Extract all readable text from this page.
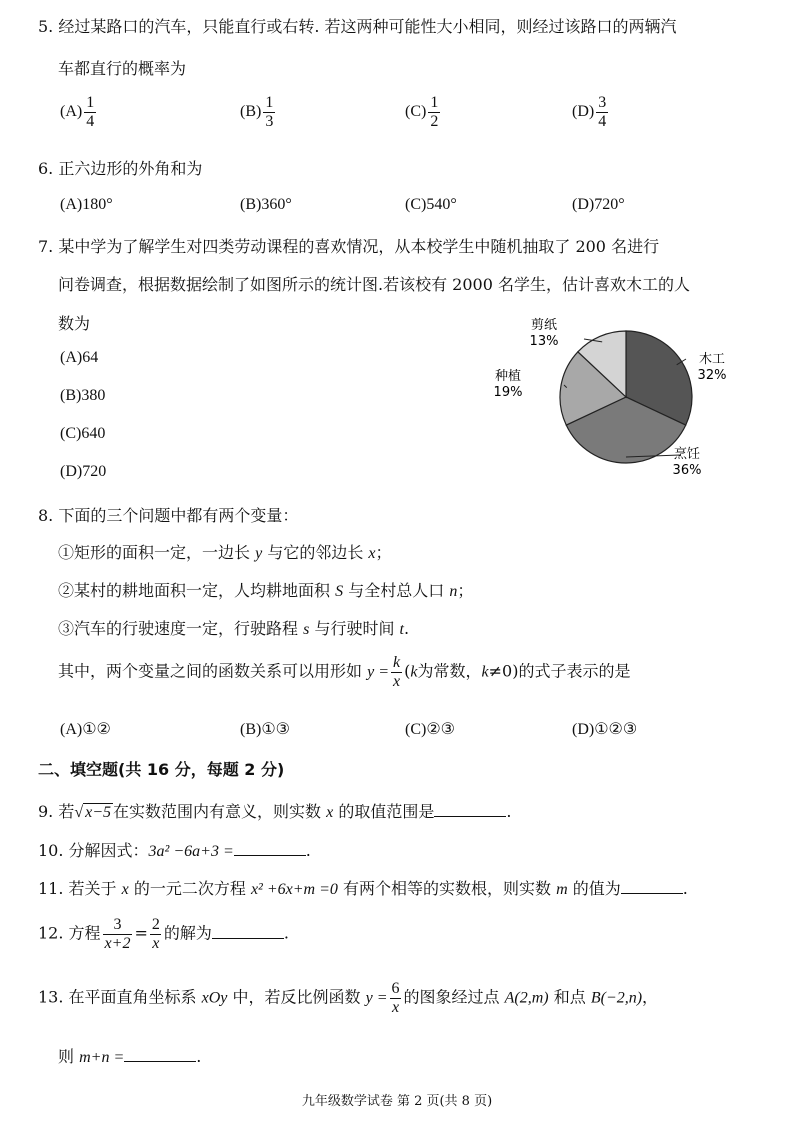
5. 经过某路口的汽车，只能直行或右转. 若这两种可能性大小相同，则经过该路口的两辆汽
车都直行的概率为
$(A) \frac{1}{4}$	$(B) \frac{1}{3}$	$(C) \frac{1}{2}$	$(D) \frac{3}{4}$
6. 正六边形的外角和为
(A)180°	(B)360°	(C)540°	(D)720°
7. 某中学为了解学生对四类劳动课程的喜欢情况，从本校学生中随机抽取了 200 名进行
问卷调查，根据数据绘制了如图所示的统计图.若该校有 2000 名学生，估计喜欢木工的人
数为
(A)64
(B)380
(C)640
(D)720
木工
32%
烹饪
36%
种植
19%
剪纸
13%
8. 下面的三个问题中都有两个变量：
①矩形的面积一定，一边长 y 与它的邻边长 x；
②某村的耕地面积一定，人均耕地面积 S 与全村总人口 n；
③汽车的行驶速度一定，行驶路程 s 与行驶时间 t.
其中，两个变量之间的函数关系可以用形如 $y = \frac{k}{x} (k$为常数，k≠0)的式子表示的是
(A)①②	(B)①③	(C)②③	(D)①②③
二、填空题(共 16 分，每题 2 分)
9. 若√ x−5 在实数范围内有意义，则实数 x 的取值范围是	.
10. 分解因式：3a² −6a+3 =	.
11. 若关于 x 的一元二次方程 x² +6x+m =0 有两个相等的实数根，则实数 m 的值为	.
12. 方程 $\frac{3}{x+2} = \frac{2}{x}$ 的解为	.
13. 在平面直角坐标系 xOy 中，若反比例函数 $y = \frac{6}{x}$ 的图象经过点 A(2,m) 和点 B(−2,n)，
则 m+n =	.
九年级数学试卷 第 2 页(共 8 页)
